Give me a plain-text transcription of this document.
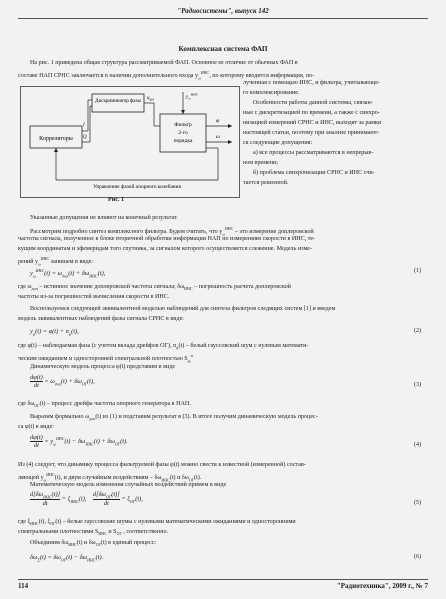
"Радиосистемы", выпуск 142
Комплексная система ФАП
На рис. 1 приведена общая структура рассматриваемой ФАП. Основное ее отличие от обычных ФАП в
составе НАП СРНС заключается в наличии дополнительного входа $y_\omega^{ИНС}$, по которому вводится информация, по-
Корреляторы
Дискриминатор фазы
Фильтр
2-го
порядка
I
Q
$u_{фд}$	$y_\omega^{ИНС}$
φ
ω
Управление фазой опорного колебания
Рис. 1
лученная с помощью ИНС, и фильтра, учитывающе-
го комплексирование.
Особенности работы данной системы, связан-
ные с дискретизацией по времени, а также с синхро-
низацией измерений СРНС и ИНС, выходят за рамки
настоящей статьи, поэтому при анализе принимают-
ся следующие допущения:
а) все процессы рассматриваются в непрерыв-
ном времени;
б) проблема синхронизации СРНС и ИНС счи-
тается решенной.
Указанные допущения не влияют на конечный результат.
Рассмотрим подробно синтез комплексного фильтра. Будем считать, что $y_\omega^{ИНС}$ – это измерение доплеровской
частоты сигнала, полученное в блоке вторичной обработки информации НАП по измерениям скорости в ИНС, те-
кущим координатам и эфемеридам того спутника, за сигналом которого осуществляется слежение. Модель изме-
рений $y_\omega^{ИНС}$ запишем в виде:
$y_\omega^{ИНС}(t) = \omega_{доп}(t) + \delta\omega_{ИНС}(t)$,	(1)
где $\omega_{доп}$ – истинное значение доплеровской частоты сигнала; $\delta\omega_{ИНС}$ – погрешность расчета доплеровской
частоты из-за погрешностей вычисления скорости в ИНС.
Воспользуемся следующей эквивалентной моделью наблюдений для синтеза фильтров следящих систем [1] и введем
модель эквивалентных наблюдений фазы сигнала СРНС в виде:
$y_\varphi(t) = \varphi(t) + n_\varphi(t)$,	(2)
где φ(t) – наблюдаемая фаза (с учетом вклада дрейфов ОГ), $n_\varphi(t)$ – белый гауссовский шум с нулевым математи-
ческим ожиданием и односторонней спектральной плотностью $S_ю^и$
Динамическую модель процесса φ(t) представим в виде
$\frac{d\varphi(t)}{dt} = \omega_{доп}(t) + \delta\omega_{ОГ}(t)$,
(3)
где $\delta\omega_{ОГ}(t)$ – процесс дрейфа частоты опорного генератора в НАП.
Выразим формально $\omega_{доп}(t)$ из (1) и подставим результат в (3). В итоге получим динамическую модель процес-
са φ(t) в виде:
$\frac{d\varphi(t)}{dt} = y_\omega^{ИНС}(t) - \delta\omega_{ИНС}(t) + \delta\omega_{ОГ}(t)$.
(4)
Из (4) следует, что динамику процесса фильтруемой фазы φ(t) можно свести к известной (измеренной) состав-
ляющей $y_\omega^{ИНС}(t)$, и двум случайным воздействиям – $\delta\omega_{ИНС}(t)$ и $\delta\omega_{ОГ}(t)$.
Математическую модель изменения случайных воздействий примем в виде
$d[\delta\omega_{ИНС}(t)]$
dt
= $\xi_{ИНС}(t)$,
$d[\delta\omega_{ОГ}(t)]$
dt
= $\xi_{ОГ}(t)$,
(5)
где $\xi_{ИНС}(t)$, $\xi_{ОГ}(t)$ – белые гауссовские шумы с нулевыми математическими ожиданиями и односторонними
спектральными плотностями $S_{ИНС}$ и $S_{ОГ}$ , соответственно.
Объединим $\delta\omega_{ИНС}(t)$ и $\delta\omega_{ОГ}(t)$ в единый процесс:
$\delta\omega_\Sigma(t) = \delta\omega_{ОГ}(t) - \delta\omega_{ИНС}(t)$.	(6)
114	"Радиотехника", 2009 г., № 7
